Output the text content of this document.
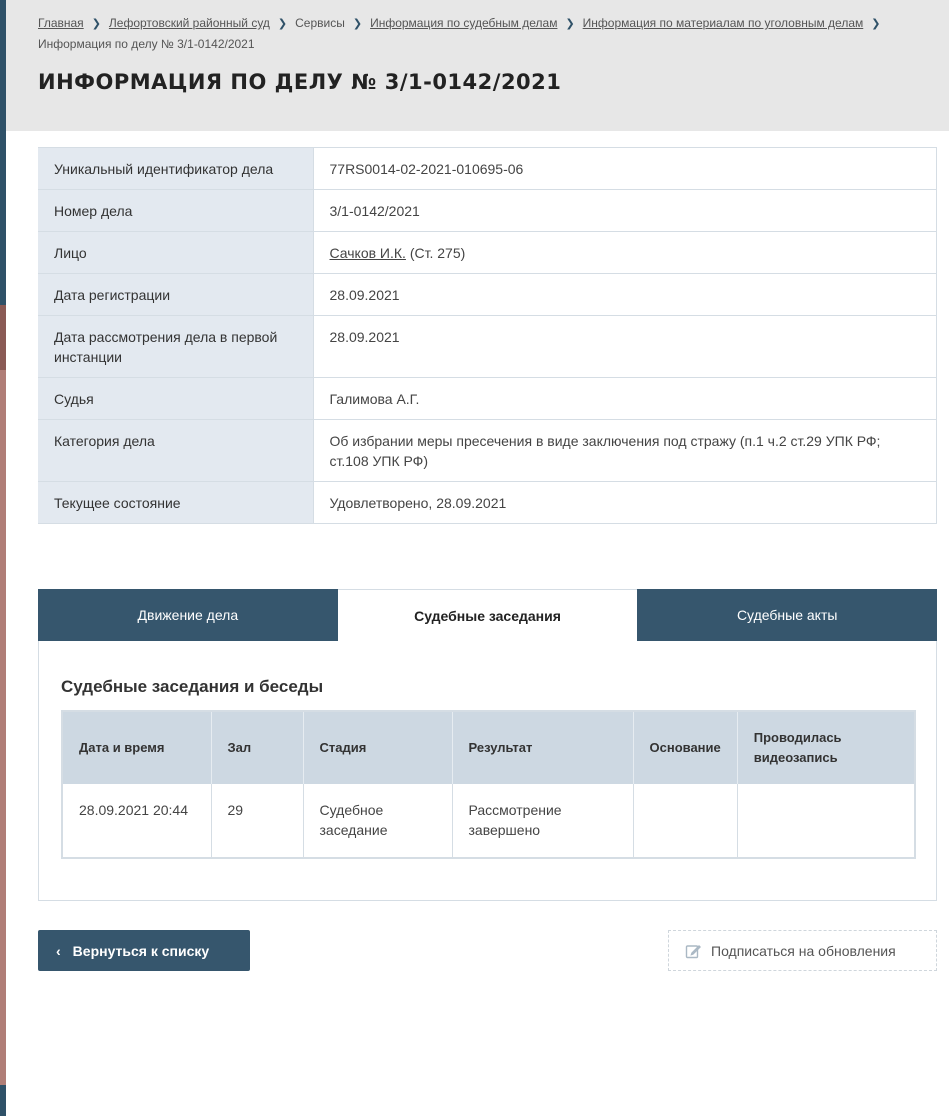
Главная ❯ Лефортовский районный суд ❯ Сервисы ❯ Информация по судебным делам ❯ Информация по материалам по уголовным делам ❯
Информация по делу № 3/1-0142/2021
ИНФОРМАЦИЯ ПО ДЕЛУ № 3/1-0142/2021
Уникальный идентификатор дела	77RS0014-02-2021-010695-06
Номер дела	3/1-0142/2021
Лицо	Сачков И.К. (Ст. 275)
Дата регистрации	28.09.2021
Дата рассмотрения дела в первой инстанции	28.09.2021
Судья	Галимова А.Г.
Категория дела	Об избрании меры пресечения в виде заключения под стражу (п.1 ч.2 ст.29 УПК РФ; ст.108 УПК РФ)
Текущее состояние	Удовлетворено, 28.09.2021
Движение дела	Судебные заседания	Судебные акты
Судебные заседания и беседы
Дата и время	Зал	Стадия	Результат	Основание	Проводилась видеозапись
28.09.2021 20:44	29	Судебное заседание	Рассмотрение завершено		
‹ Вернуться к списку	Подписаться на обновления
